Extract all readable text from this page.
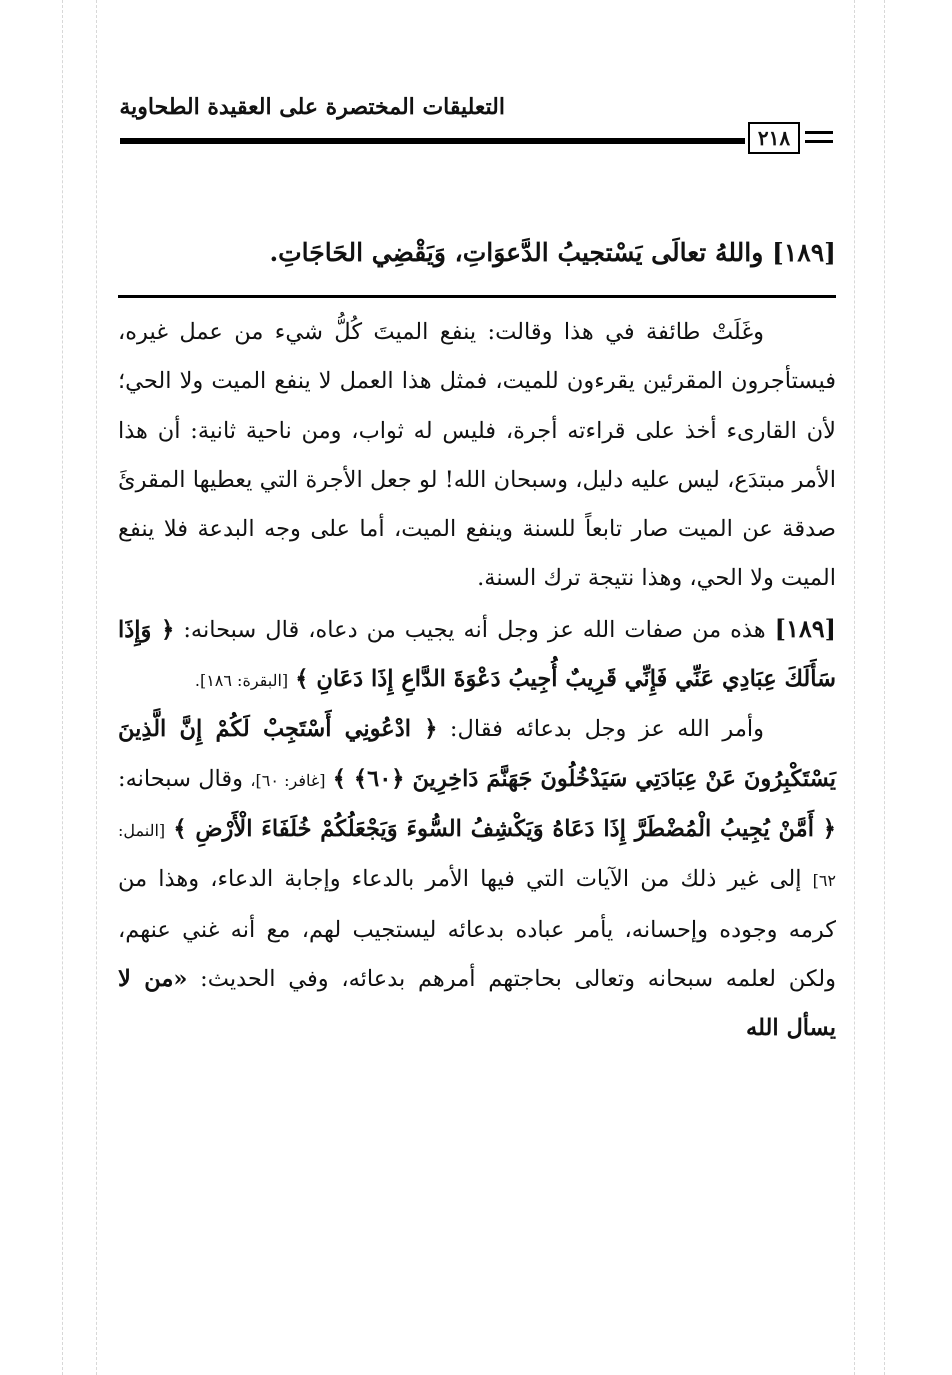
التعليقات المختصرة على العقيدة الطحاوية
٢١٨
[١٨٩] واللهُ تعالَى يَسْتجيبُ الدَّعوَاتِ، وَيَقْضِي الحَاجَاتِ.

وغَلَتْ طائفة في هذا وقالت: ينفع الميتَ كُلُّ شيء من عمل غيره، فيستأجرون المقرئين يقرءون للميت، فمثل هذا العمل لا ينفع الميت ولا الحي؛ لأن القارىء أخذ على قراءته أجرة، فليس له ثواب، ومن ناحية ثانية: أن هذا الأمر مبتدَع، ليس عليه دليل، وسبحان الله! لو جعل الأجرة التي يعطيها المقرئَ صدقة عن الميت صار تابعاً للسنة وينفع الميت، أما على وجه البدعة فلا ينفع الميت ولا الحي، وهذا نتيجة ترك السنة.

[١٨٩] هذه من صفات الله عز وجل أنه يجيب من دعاه، قال سبحانه: ﴿ وَإِذَا سَأَلَكَ عِبَادِي عَنِّي فَإِنِّي قَرِيبٌ أُجِيبُ دَعْوَةَ الدَّاعِ إِذَا دَعَانِ ﴾ [البقرة: ١٨٦].

وأمر الله عز وجل بدعائه فقال: ﴿ ادْعُونِي أَسْتَجِبْ لَكُمْ إِنَّ الَّذِينَ يَسْتَكْبِرُونَ عَنْ عِبَادَتِي سَيَدْخُلُونَ جَهَنَّمَ دَاخِرِينَ ﴿٦٠﴾ ﴾ [غافر: ٦٠]، وقال سبحانه: ﴿ أَمَّنْ يُجِيبُ الْمُضْطَرَّ إِذَا دَعَاهُ وَيَكْشِفُ السُّوءَ وَيَجْعَلُكُمْ خُلَفَاءَ الْأَرْضِ ﴾ [النمل: ٦٢] إلى غير ذلك من الآيات التي فيها الأمر بالدعاء وإجابة الدعاء، وهذا من كرمه وجوده وإحسانه، يأمر عباده بدعائه ليستجيب لهم، مع أنه غني عنهم، ولكن لعلمه سبحانه وتعالى بحاجتهم أمرهم بدعائه، وفي الحديث: «من لا يسأل الله
